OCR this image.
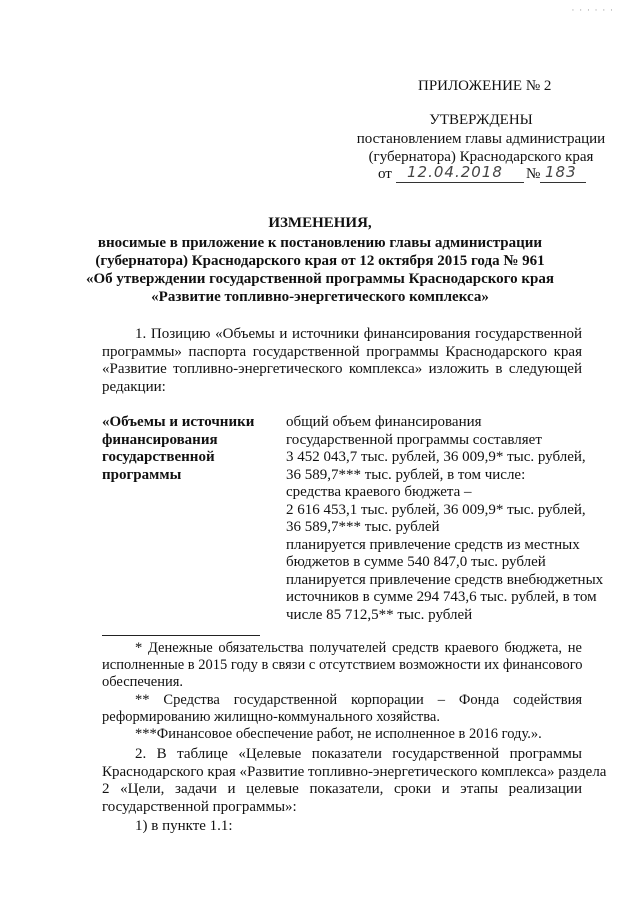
· · · · · ·
ПРИЛОЖЕНИЕ № 2
УТВЕРЖДЕНЫ
постановлением главы администрации
(губернатора) Краснодарского края
от 12.04.2018 № 183
ИЗМЕНЕНИЯ,
вносимые в приложение к постановлению главы администрации
(губернатора) Краснодарского края от 12 октября 2015 года № 961
«Об утверждении государственной программы Краснодарского края
«Развитие топливно-энергетического комплекса»
1. Позицию «Объемы и источники финансирования государственной
программы» паспорта государственной программы Краснодарского края
«Развитие топливно-энергетического комплекса» изложить в следующей
редакции:
«Объемы и источники
финансирования
государственной
программы
общий объем финансирования
государственной программы составляет
3 452 043,7 тыс. рублей, 36 009,9* тыс. рублей,
36 589,7*** тыс. рублей, в том числе:
средства краевого бюджета –
2 616 453,1 тыс. рублей, 36 009,9* тыс. рублей,
36 589,7*** тыс. рублей
планируется привлечение средств из местных
бюджетов в сумме 540 847,0 тыс. рублей
планируется привлечение средств внебюджетных
источников в сумме 294 743,6 тыс. рублей, в том
числе 85 712,5** тыс. рублей
* Денежные обязательства получателей средств краевого бюджета, не
исполненные в 2015 году в связи с отсутствием возможности их финансового
обеспечения.
** Средства государственной корпорации – Фонда содействия
реформированию жилищно-коммунального хозяйства.
***Финансовое обеспечение работ, не исполненное в 2016 году.».
2. В таблице «Целевые показатели государственной программы
Краснодарского края «Развитие топливно-энергетического комплекса» раздела
2 «Цели, задачи и целевые показатели, сроки и этапы реализации
государственной программы»:
1) в пункте 1.1:
